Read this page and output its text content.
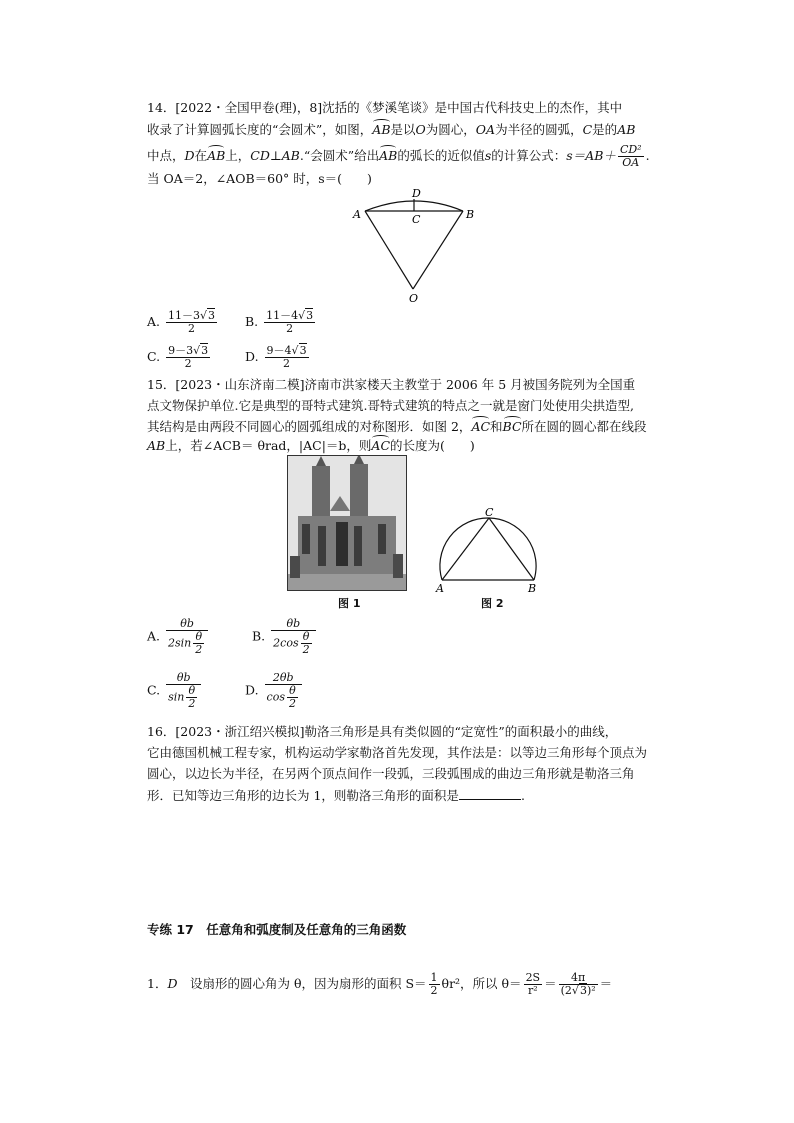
14．[2022・全国甲卷(理)，8]沈括的《梦溪笔谈》是中国古代科技史上的杰作，其中
收录了计算圆弧长度的“会圆术”，如图，AB是以O为圆心，OA为半径的圆弧，C是的AB
中点，D在AB上，CD⊥AB.“会圆术”给出AB的弧长的近似值s的计算公式：$s=AB+ \frac{\text{CD²}}{OA}$ .
当 OA＝2，∠AOB＝60° 时，s＝(　　)
A	B
C
D
O
A. $\frac{11-3√3}{2} B$. $\frac{11-4√3}{2}$
C. $\frac{9-3√3}{2}$	D. $\frac{9-4√3}{2}$
15．[2023・山东济南二模]济南市洪家楼天主教堂于 2006 年 5 月被国务院列为全国重
点文物保护单位.它是典型的哥特式建筑.哥特式建筑的特点之一就是窗门处使用尖拱造型,
其结构是由两段不同圆心的圆弧组成的对称图形．如图 2，AC和BC所在圆的圆心都在线段
AB上，若∠ACB＝ θrad，|AC|＝b，则AC的长度为(　　)
图 1
A	B
C
图 2
A. $\frac{\theta b}{2\sin \frac{\theta}{2}}$	B. $\frac{\theta b}{2\cos \frac{\theta}{2}}$
C. $\frac{\theta b}{\sin \frac{\theta}{2}}$	D. $\frac{2\theta b}{\cos \frac{\theta}{2}}$
16．[2023・浙江绍兴模拟]勒洛三角形是具有类似圆的“定宽性”的面积最小的曲线，
它由德国机械工程专家，机构运动学家勒洛首先发现，其作法是：以等边三角形每个顶点为
圆心，以边长为半径，在另两个顶点间作一段弧，三段弧围成的曲边三角形就是勒洛三角
形．已知等边三角形的边长为 1，则勒洛三角形的面积是	.
专练 17　任意角和弧度制及任意角的三角函数
1．D　 设扇形的圆心角为 θ，因为扇形的面积 $S= \frac{1}{2} \theta r^2$，所以 $\theta= \frac{2S}{\text{r²}} = \frac{4\pi}{\text{(2√3)²}}$ ＝
